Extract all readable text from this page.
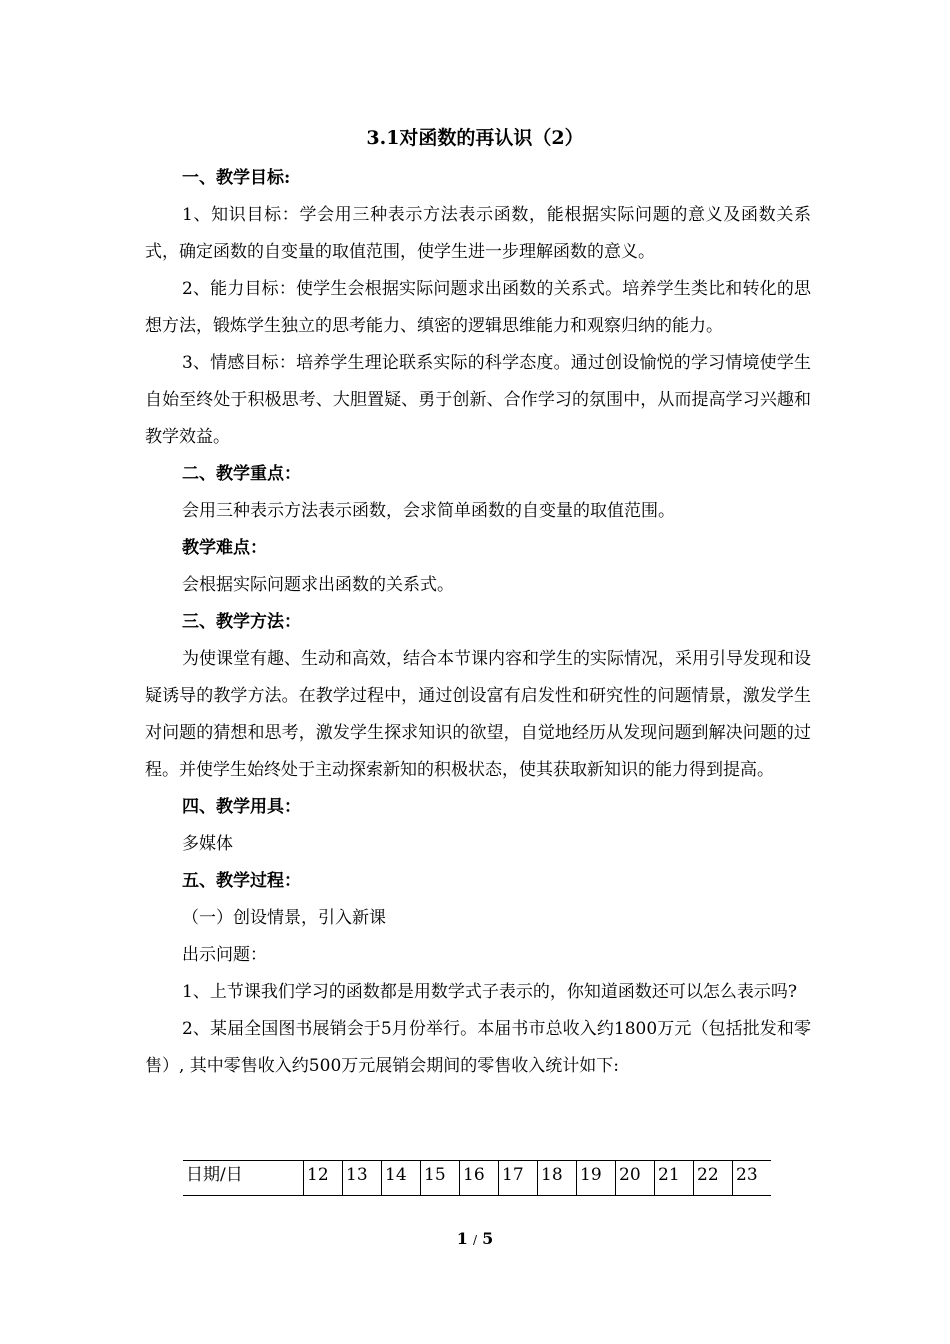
3.1对函数的再认识（2）

一、教学目标:

1、知识目标：学会用三种表示方法表示函数，能根据实际问题的意义及函数关系式，确定函数的自变量的取值范围，使学生进一步理解函数的意义。

2、能力目标：使学生会根据实际问题求出函数的关系式。培养学生类比和转化的思想方法，锻炼学生独立的思考能力、缜密的逻辑思维能力和观察归纳的能力。

3、情感目标：培养学生理论联系实际的科学态度。通过创设愉悦的学习情境使学生自始至终处于积极思考、大胆置疑、勇于创新、合作学习的氛围中，从而提高学习兴趣和教学效益。

二、教学重点：

会用三种表示方法表示函数，会求简单函数的自变量的取值范围。

教学难点：

会根据实际问题求出函数的关系式。

三、教学方法：

为使课堂有趣、生动和高效，结合本节课内容和学生的实际情况，采用引导发现和设疑诱导的教学方法。在教学过程中，通过创设富有启发性和研究性的问题情景，激发学生对问题的猜想和思考，激发学生探求知识的欲望，自觉地经历从发现问题到解决问题的过程。并使学生始终处于主动探索新知的积极状态，使其获取新知识的能力得到提高。

四、教学用具：

多媒体

五、教学过程：

（一）创设情景，引入新课

出示问题：

1、上节课我们学习的函数都是用数学式子表示的，你知道函数还可以怎么表示吗?

2、某届全国图书展销会于5月份举行。本届书市总收入约1800万元（包括批发和零售）, 其中零售收入约500万元展销会期间的零售收入统计如下:

日期/日	12	13	14	15	16	17	18	19	20	21	22	23
1 / 5
